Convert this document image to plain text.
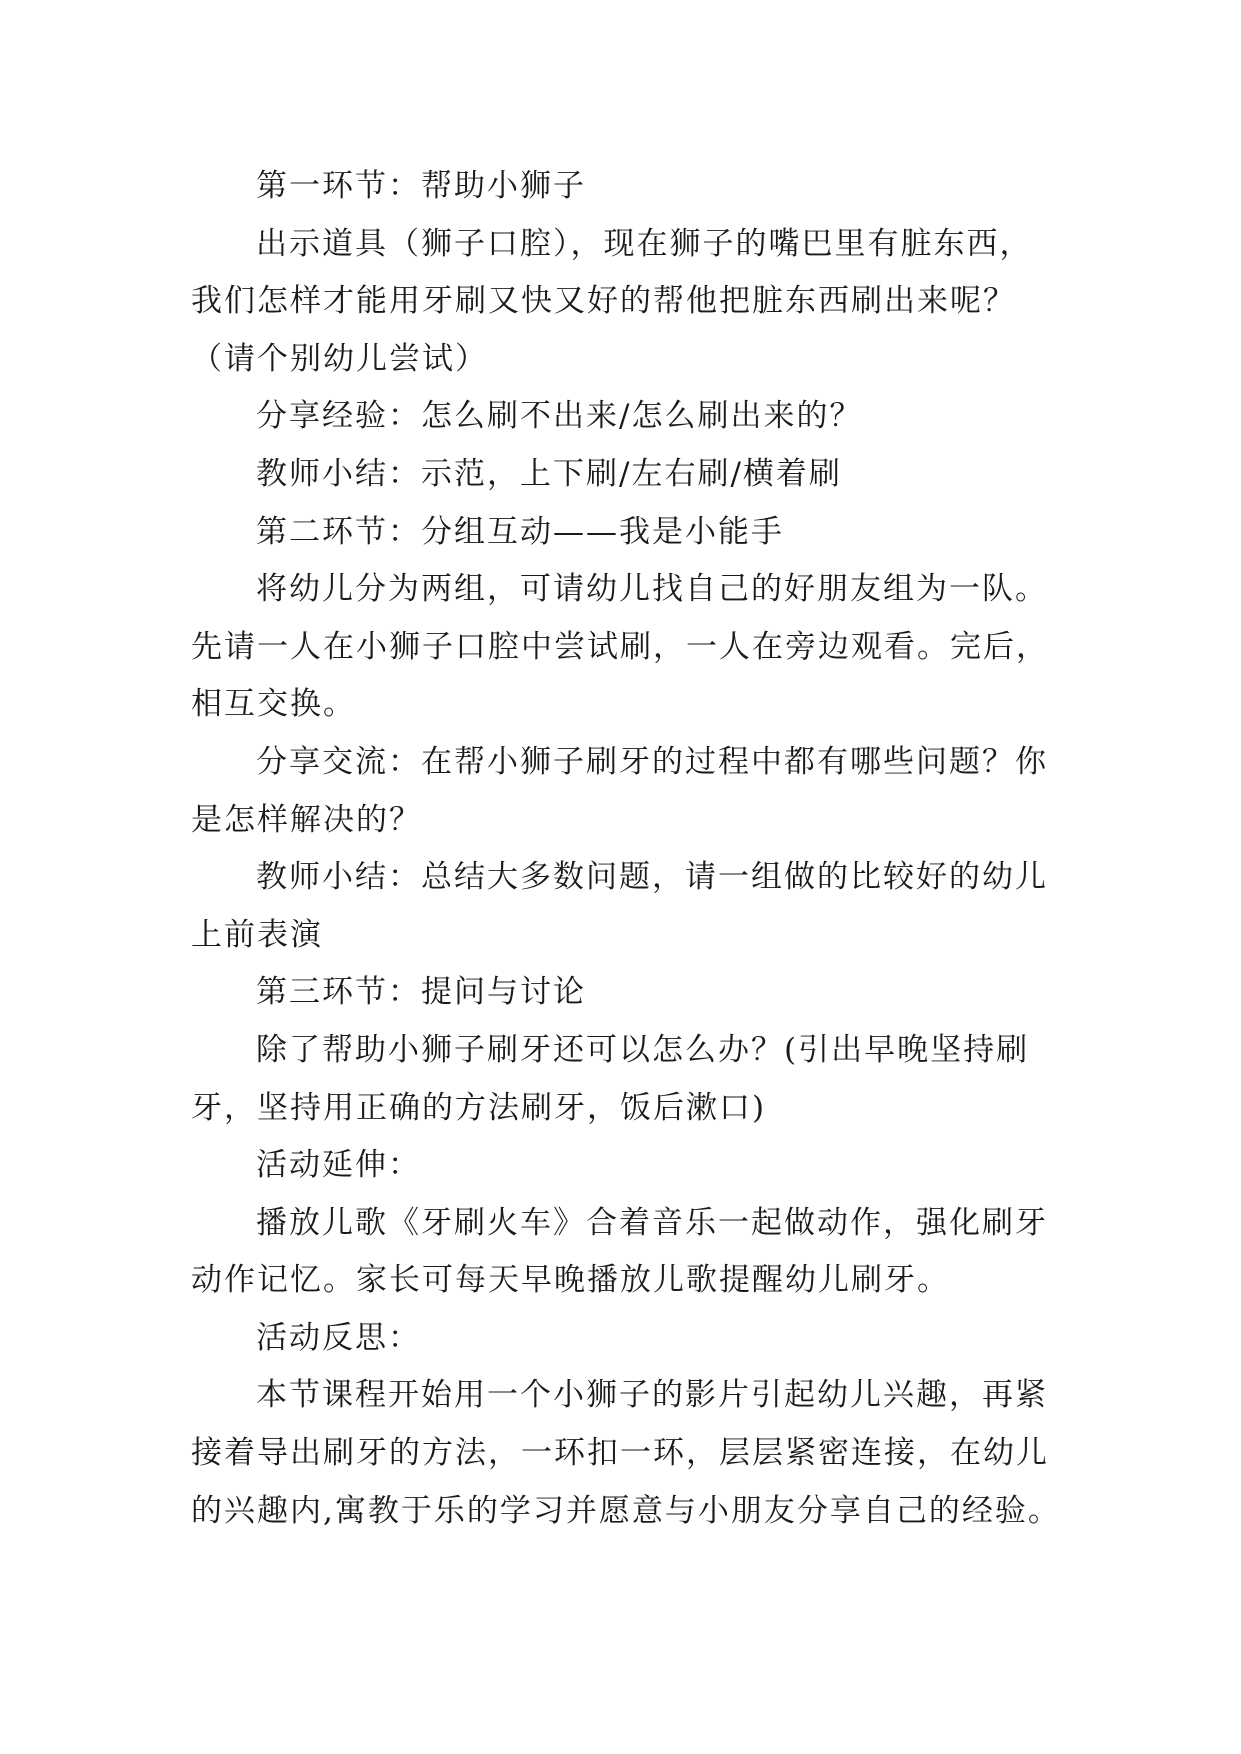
第一环节：帮助小狮子

出示道具（狮子口腔），现在狮子的嘴巴里有脏东西，
我们怎样才能用牙刷又快又好的帮他把脏东西刷出来呢？
（请个别幼儿尝试）

分享经验：怎么刷不出来/怎么刷出来的？

教师小结：示范，上下刷/左右刷/横着刷

第二环节：分组互动——我是小能手

将幼儿分为两组，可请幼儿找自己的好朋友组为一队。
先请一人在小狮子口腔中尝试刷，一人在旁边观看。完后，
相互交换。

分享交流：在帮小狮子刷牙的过程中都有哪些问题？你
是怎样解决的？

教师小结：总结大多数问题，请一组做的比较好的幼儿
上前表演

第三环节：提问与讨论

除了帮助小狮子刷牙还可以怎么办？(引出早晚坚持刷
牙，坚持用正确的方法刷牙，饭后漱口)

活动延伸：

播放儿歌《牙刷火车》合着音乐一起做动作，强化刷牙
动作记忆。家长可每天早晚播放儿歌提醒幼儿刷牙。

活动反思：

本节课程开始用一个小狮子的影片引起幼儿兴趣，再紧
接着导出刷牙的方法，一环扣一环，层层紧密连接，在幼儿
的兴趣内,寓教于乐的学习并愿意与小朋友分享自己的经验。
